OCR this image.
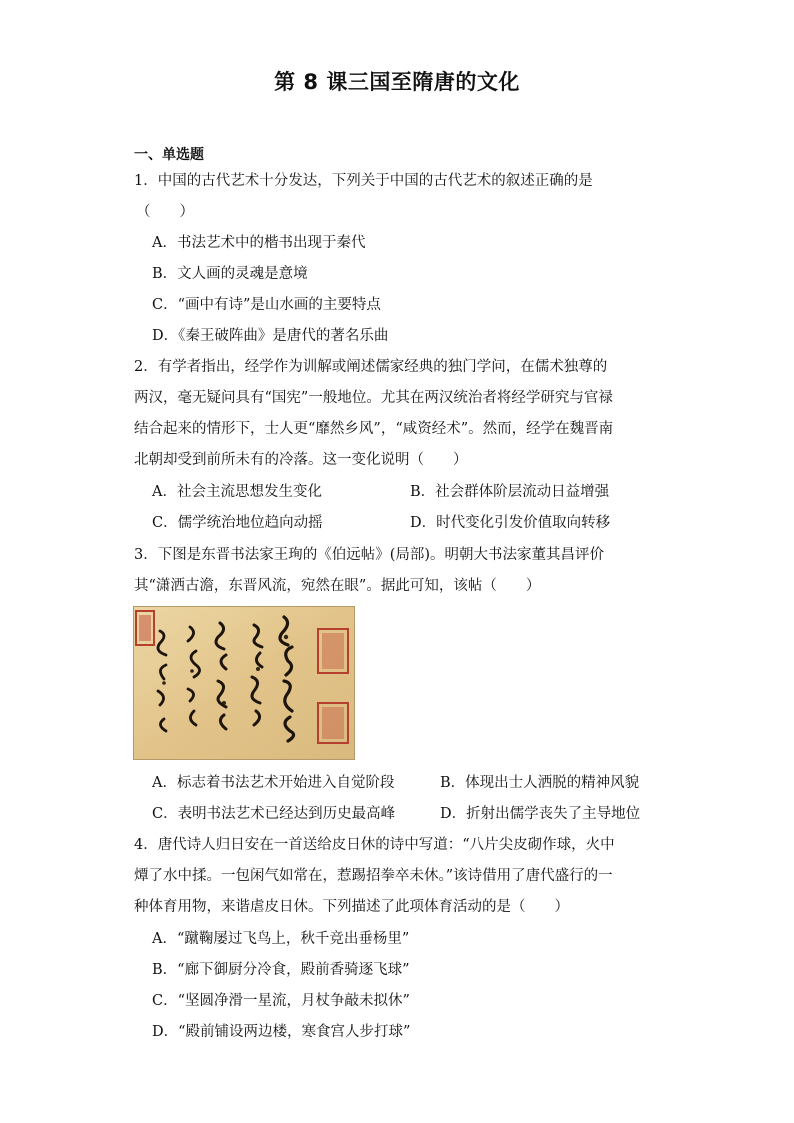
第 8 课三国至隋唐的文化
一、单选题
1．中国的古代艺术十分发达，下列关于中国的古代艺术的叙述正确的是
（　　）
A．书法艺术中的楷书出现于秦代
B．文人画的灵魂是意境
C．“画中有诗”是山水画的主要特点
D．《秦王破阵曲》是唐代的著名乐曲
2．有学者指出，经学作为训解或阐述儒家经典的独门学问，在儒术独尊的
两汉，毫无疑问具有“国宪”一般地位。尤其在两汉统治者将经学研究与官禄
结合起来的情形下，士人更“靡然乡风”，“咸资经术”。然而，经学在魏晋南
北朝却受到前所未有的冷落。这一变化说明（　　）
A．社会主流思想发生变化	B．社会群体阶层流动日益增强
C．儒学统治地位趋向动摇	D．时代变化引发价值取向转移
3．下图是东晋书法家王珣的《伯远帖》(局部)。明朝大书法家董其昌评价
其“潇洒古澹，东晋风流，宛然在眼”。据此可知，该帖（　　）
A．标志着书法艺术开始进入自觉阶段	B．体现出士人洒脱的精神风貌
C．表明书法艺术已经达到历史最高峰	D．折射出儒学丧失了主导地位
4．唐代诗人归日安在一首送给皮日休的诗中写道：“八片尖皮砌作球，火中
燂了水中揉。一包闲气如常在，惹踢招拳卒未休。”该诗借用了唐代盛行的一
种体育用物，来谐虐皮日休。下列描述了此项体育活动的是（　　）
A．“蹴鞠屡过飞鸟上，秋千竞出垂杨里”
B．“廊下御厨分冷食，殿前香骑逐飞球”
C．“坚圆净滑一星流，月杖争敲未拟休”
D．“殿前铺设两边楼，寒食宫人步打球”
